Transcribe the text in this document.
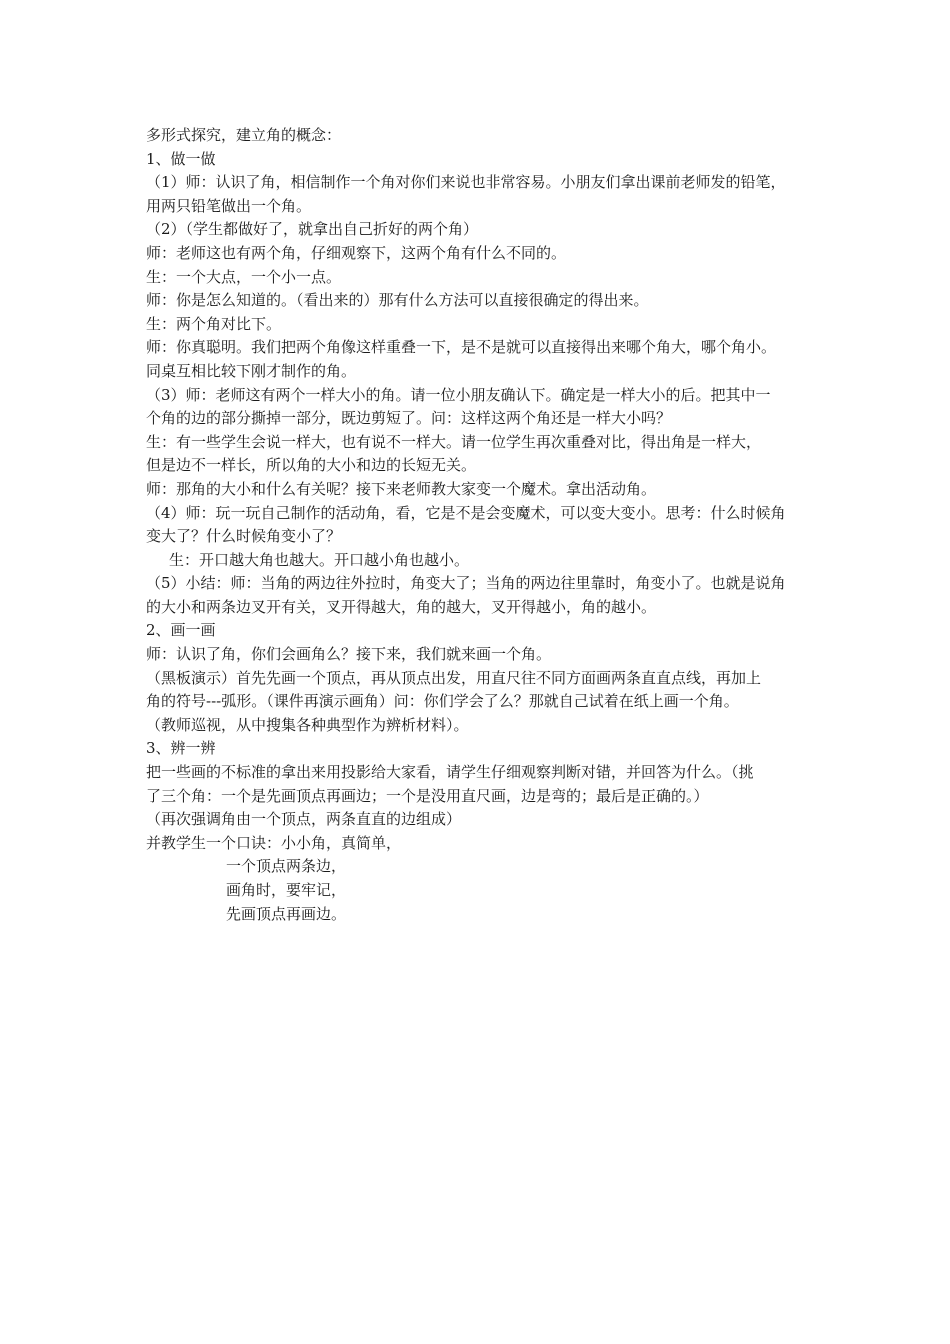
多形式探究，建立角的概念：

1、做一做

（1）师：认识了角，相信制作一个角对你们来说也非常容易。小朋友们拿出课前老师发的铅笔，

用两只铅笔做出一个角。

（2）（学生都做好了，就拿出自己折好的两个角）

师：老师这也有两个角，仔细观察下，这两个角有什么不同的。

生：一个大点，一个小一点。

师：你是怎么知道的。（看出来的）那有什么方法可以直接很确定的得出来。

生：两个角对比下。

师：你真聪明。我们把两个角像这样重叠一下，是不是就可以直接得出来哪个角大，哪个角小。

同桌互相比较下刚才制作的角。

（3）师：老师这有两个一样大小的角。请一位小朋友确认下。确定是一样大小的后。把其中一

个角的边的部分撕掉一部分，既边剪短了。问：这样这两个角还是一样大小吗？

生：有一些学生会说一样大，也有说不一样大。请一位学生再次重叠对比，得出角是一样大，

但是边不一样长，所以角的大小和边的长短无关。

师：那角的大小和什么有关呢？接下来老师教大家变一个魔术。拿出活动角。

（4）师：玩一玩自己制作的活动角，看，它是不是会变魔术，可以变大变小。思考：什么时候角

变大了？什么时候角变小了？

生：开口越大角也越大。开口越小角也越小。

（5）小结：师：当角的两边往外拉时，角变大了；当角的两边往里靠时，角变小了。也就是说角

的大小和两条边叉开有关，叉开得越大，角的越大，叉开得越小，角的越小。

2、画一画

师：认识了角，你们会画角么？接下来，我们就来画一个角。

（黑板演示）首先先画一个顶点，再从顶点出发，用直尺往不同方面画两条直直点线，再加上

角的符号---弧形。（课件再演示画角）问：你们学会了么？那就自己试着在纸上画一个角。

（教师巡视，从中搜集各种典型作为辨析材料）。

3、辨一辨

把一些画的不标准的拿出来用投影给大家看，请学生仔细观察判断对错，并回答为什么。（挑

了三个角：一个是先画顶点再画边；一个是没用直尺画，边是弯的；最后是正确的。）

（再次强调角由一个顶点，两条直直的边组成）

并教学生一个口诀：小小角，真简单，

一个顶点两条边，

画角时，要牢记，

先画顶点再画边。
